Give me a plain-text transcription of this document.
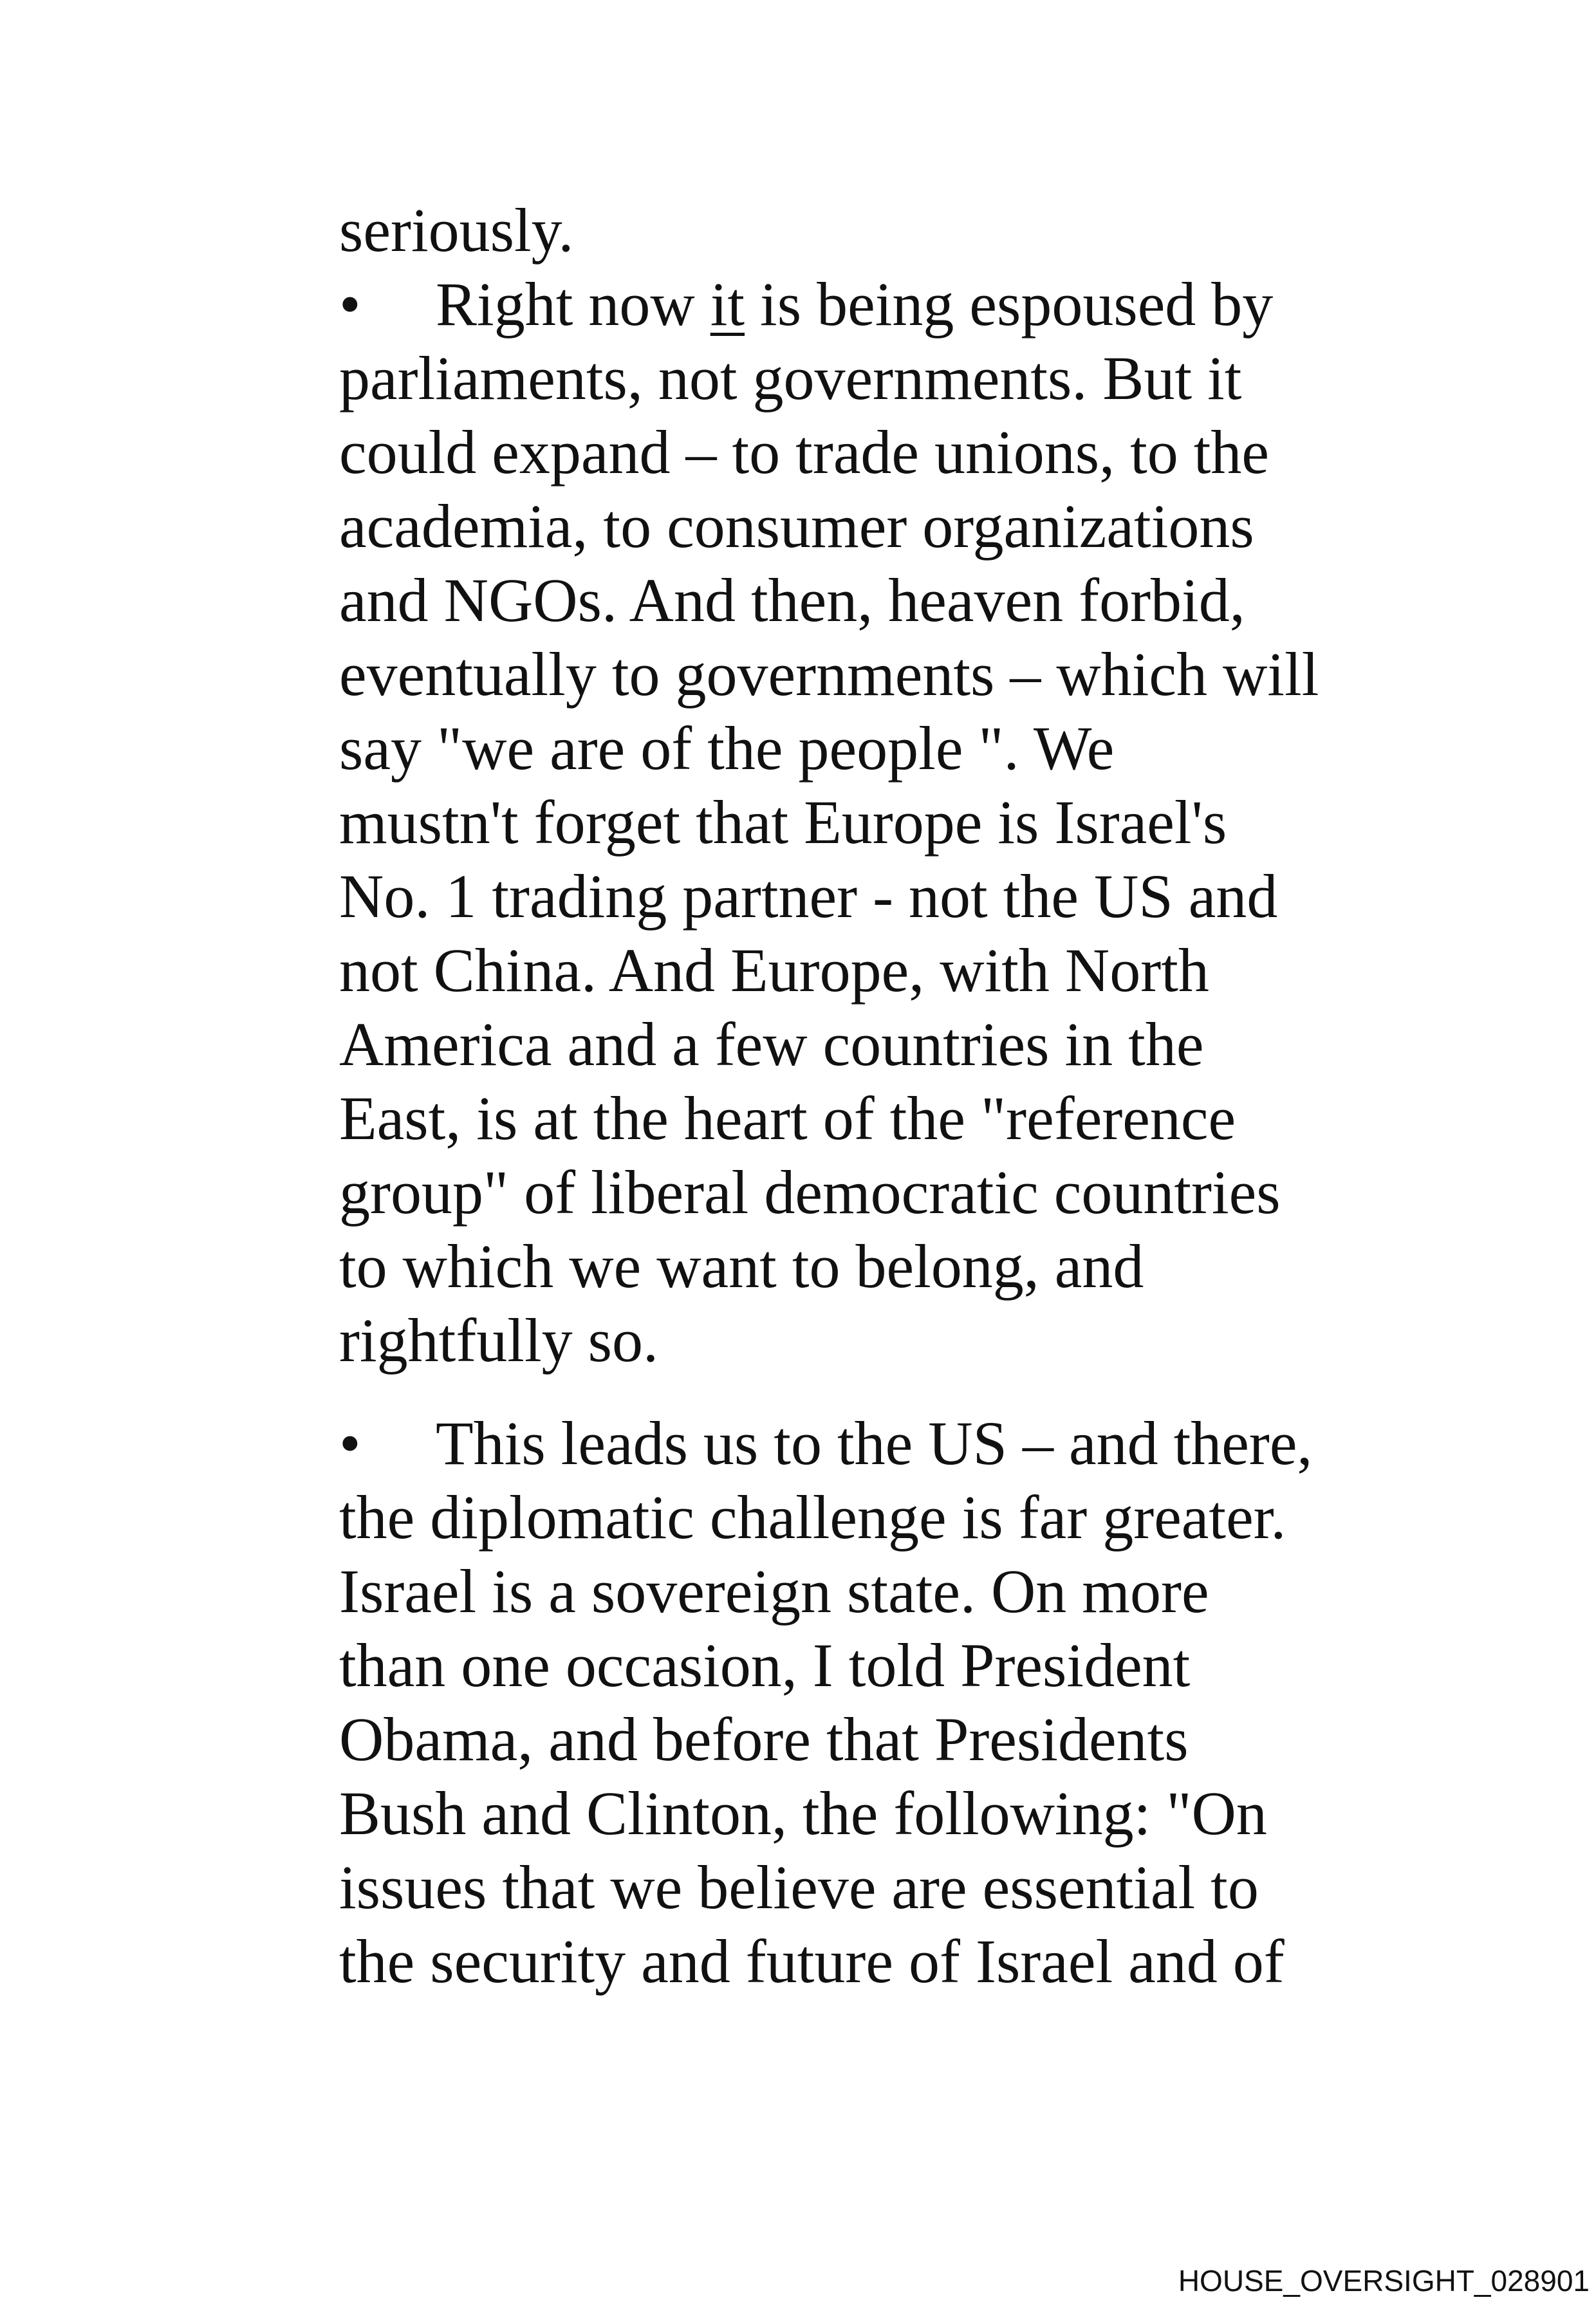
seriously.
• Right now it is being espoused by
parliaments, not governments. But it
could expand – to trade unions, to the
academia, to consumer organizations
and NGOs. And then, heaven forbid,
eventually to governments – which will
say "we are of the people ". We
mustn't forget that Europe is Israel's
No. 1 trading partner - not the US and
not China. And Europe, with North
America and a few countries in the
East, is at the heart of the "reference
group" of liberal democratic countries
to which we want to belong, and
rightfully so.
• This leads us to the US – and there,
the diplomatic challenge is far greater.
Israel is a sovereign state. On more
than one occasion, I told President
Obama, and before that Presidents
Bush and Clinton, the following: "On
issues that we believe are essential to
the security and future of Israel and of
HOUSE_OVERSIGHT_028901
